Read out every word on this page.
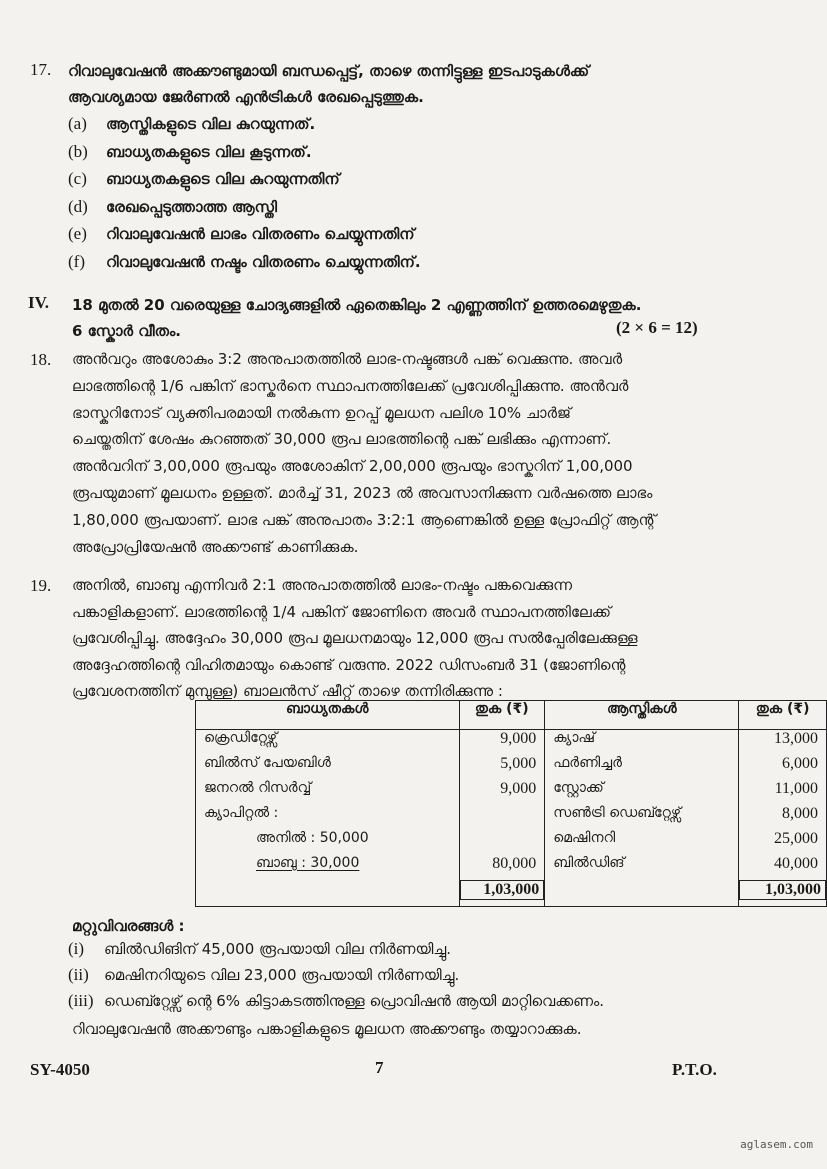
17. റിവാലുവേഷൻ അക്കൗണ്ടുമായി ബന്ധപ്പെട്ട്, താഴെ തന്നിട്ടുള്ള ഇടപാടുകൾക്ക്
ആവശ്യമായ ജേർണൽ എൻട്രികൾ രേഖപ്പെടുത്തുക.
(a) ആസ്തികളുടെ വില കുറയുന്നത്.
(b) ബാധ്യതകളുടെ വില കൂടുന്നത്.
(c) ബാധ്യതകളുടെ വില കുറയുന്നതിന്
(d) രേഖപ്പെടുത്താത്ത ആസ്തി
(e) റിവാലുവേഷൻ ലാഭം വിതരണം ചെയ്യുന്നതിന്
(f) റിവാലുവേഷൻ നഷ്ടം വിതരണം ചെയ്യുന്നതിന്.
IV. 18 മുതൽ 20 വരെയുള്ള ചോദ്യങ്ങളിൽ ഏതെങ്കിലും 2 എണ്ണത്തിന് ഉത്തരമെഴുതുക.
6 സ്കോർ വീതം.	(2 × 6 = 12)
18. അൻവറും അശോകും 3:2 അനുപാതത്തിൽ ലാഭ-നഷ്ടങ്ങൾ പങ്ക് വെക്കുന്നു. അവർ
ലാഭത്തിന്റെ 1/6 പങ്കിന് ഭാസ്കർനെ സ്ഥാപനത്തിലേക്ക് പ്രവേശിപ്പിക്കുന്നു. അൻവർ
ഭാസ്കറിനോട് വ്യക്തിപരമായി നൽകുന്ന ഉറപ്പ് മൂലധന പലിശ 10% ചാർജ്
ചെയ്തതിന് ശേഷം കുറഞ്ഞത് 30,000 രൂപ ലാഭത്തിന്റെ പങ്ക് ലഭിക്കും എന്നാണ്.
അൻവറിന് 3,00,000 രൂപയും അശോകിന് 2,00,000 രൂപയും ഭാസ്കറിന് 1,00,000
രൂപയുമാണ് മൂലധനം ഉള്ളത്. മാർച്ച് 31, 2023 ൽ അവസാനിക്കുന്ന വർഷത്തെ ലാഭം
1,80,000 രൂപയാണ്. ലാഭ പങ്ക് അനുപാതം 3:2:1 ആണെങ്കിൽ ഉള്ള പ്രോഫിറ്റ് ആന്റ്
അപ്രോപ്രിയേഷൻ അക്കൗണ്ട് കാണിക്കുക.
19. അനിൽ, ബാബു എന്നിവർ 2:1 അനുപാതത്തിൽ ലാഭം-നഷ്ടം പങ്കവെക്കുന്ന
പങ്കാളികളാണ്. ലാഭത്തിന്റെ 1/4 പങ്കിന് ജോണിനെ അവർ സ്ഥാപനത്തിലേക്ക്
പ്രവേശിപ്പിച്ചു. അദ്ദേഹം 30,000 രൂപ മൂലധനമായും 12,000 രൂപ സൽപ്പേരിലേക്കുള്ള
അദ്ദേഹത്തിന്റെ വിഹിതമായും കൊണ്ട് വരുന്നു. 2022 ഡിസംബർ 31 (ജോണിന്റെ
പ്രവേശനത്തിന് മുമ്പുള്ള) ബാലൻസ് ഷീറ്റ് താഴെ തന്നിരിക്കുന്നു :
ബാധ്യതകൾ	തുക (₹)	ആസ്തികൾ	തുക (₹)
ക്രെഡിറ്റേഴ്സ്	9,000	ക്യാഷ്	13,000
ബിൽസ് പേയബിൾ	5,000	ഫർണിച്ചർ	6,000
ജനറൽ റിസർവ്വ്	9,000	സ്റ്റോക്ക്	11,000
ക്യാപിറ്റൽ :		സൺട്രി ഡെബ്റ്റേഴ്സ്	8,000
അനിൽ : 50,000		മെഷിനറി	25,000
ബാബു : 30,000	80,000	ബിൽഡിങ്	40,000

	1,03,000		1,03,000
മറ്റുവിവരങ്ങൾ :
(i) ബിൽഡിങിന് 45,000 രൂപയായി വില നിർണയിച്ചു.
(ii) മെഷിനറിയുടെ വില 23,000 രൂപയായി നിർണയിച്ചു.
(iii) ഡെബ്റ്റേഴ്സ് ന്റെ 6% കിട്ടാകടത്തിനുള്ള പ്രൊവിഷൻ ആയി മാറ്റിവെക്കണം.
റിവാലുവേഷൻ അക്കൗണ്ടും പങ്കാളികളുടെ മൂലധന അക്കൗണ്ടും തയ്യാറാക്കുക.
SY-4050	7	P.T.O.
aglasem.com
